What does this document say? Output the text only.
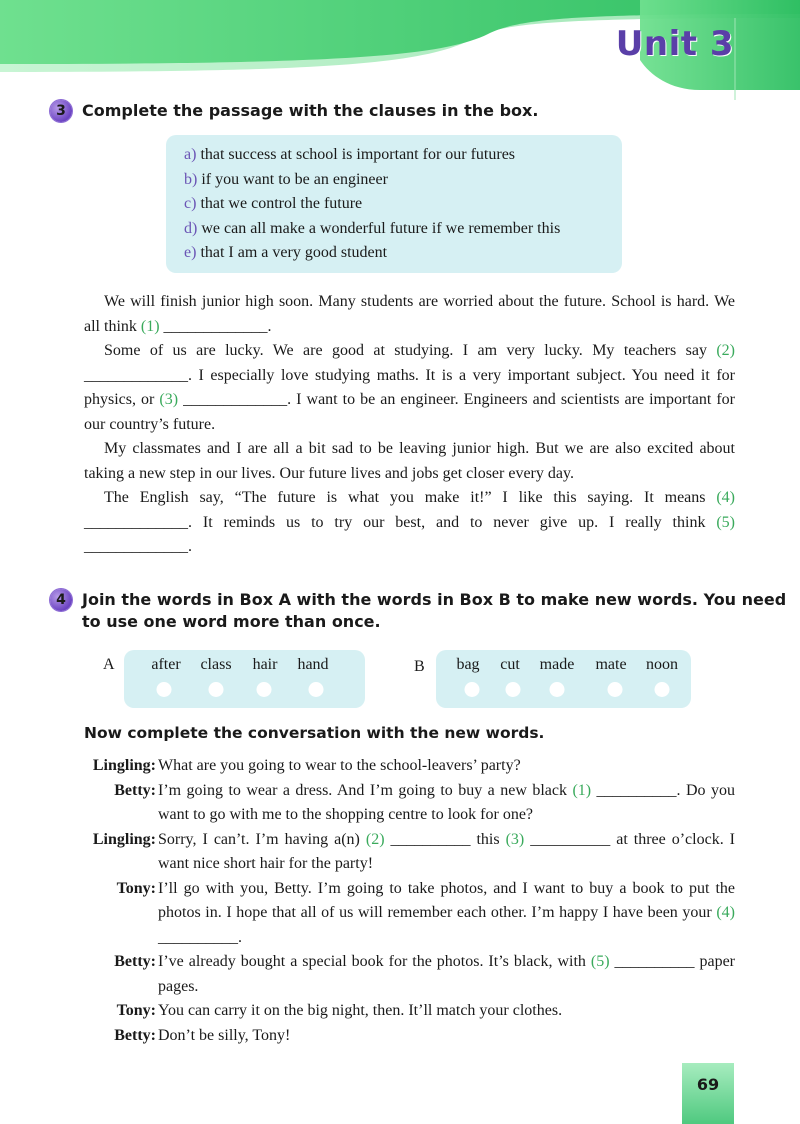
Unit 3
3 Complete the passage with the clauses in the box.
a) that success at school is important for our futures
b) if you want to be an engineer
c) that we control the future
d) we can all make a wonderful future if we remember this
e) that I am a very good student

We will finish junior high soon. Many students are worried about the future. School is hard. We all think (1) _____________.

Some of us are lucky. We are good at studying. I am very lucky. My teachers say (2) _____________. I especially love studying maths. It is a very important subject. You need it for physics, or (3) _____________. I want to be an engineer. Engineers and scientists are important for our country’s future.

My classmates and I are all a bit sad to be leaving junior high. But we are also excited about taking a new step in our lives. Our future lives and jobs get closer every day.

The English say, “The future is what you make it!” I like this saying. It means (4) _____________. It reminds us to try our best, and to never give up. I really think (5) _____________.

4 Join the words in Box A with the words in Box B to make new words. You need
to use one word more than once.
A after class hair hand	B bag cut made mate noon
Now complete the conversation with the new words.
Lingling: What are you going to wear to the school-leavers’ party?
Betty: I’m going to wear a dress. And I’m going to buy a new black (1) __________. Do you want to go with me to the shopping centre to look for one?
Lingling: Sorry, I can’t. I’m having a(n) (2) __________ this (3) __________ at three o’clock. I want nice short hair for the party!
Tony: I’ll go with you, Betty. I’m going to take photos, and I want to buy a book to put the photos in. I hope that all of us will remember each other. I’m happy I have been your (4) __________.
Betty: I’ve already bought a special book for the photos. It’s black, with (5) __________ paper pages.
Tony: You can carry it on the big night, then. It’ll match your clothes.
Betty: Don’t be silly, Tony!
69
